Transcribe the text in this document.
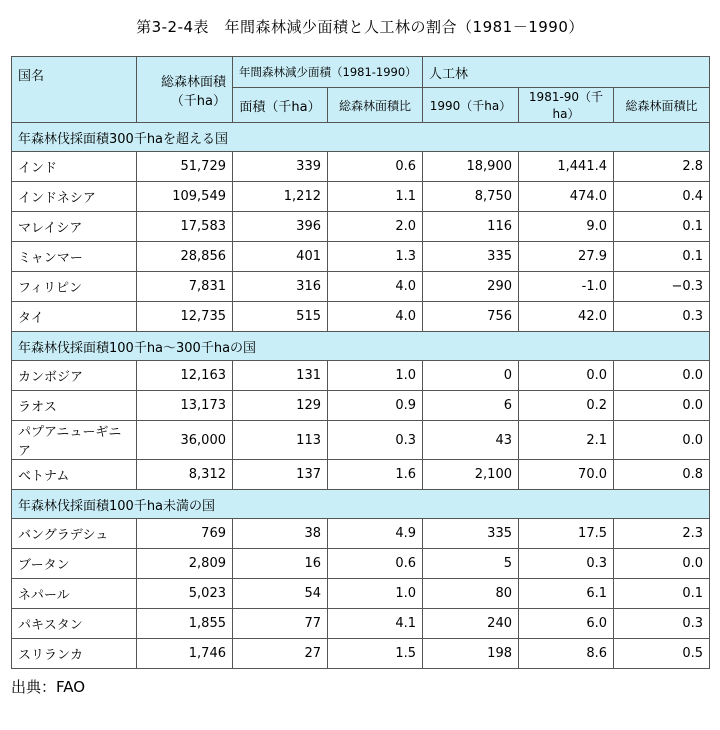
第3-2-4表　年間森林減少面積と人工林の割合（1981－1990）
国名	総森林面積
（千ha）	年間森林減少面積（1981-1990）		人工林		
		面積（千ha）	総森林面積比	1990（千ha）	1981-90（千ha）	総森林面積比
年森林伐採面積300千haを超える国						
インド	51,729	339	0.6	18,900	1,441.4	2.8
インドネシア	109,549	1,212	1.1	8,750	474.0	0.4
マレイシア	17,583	396	2.0	116	9.0	0.1
ミャンマー	28,856	401	1.3	335	27.9	0.1
フィリピン	7,831	316	4.0	290	-1.0	−0.3
タイ	12,735	515	4.0	756	42.0	0.3
年森林伐採面積100千ha～300千haの国						
カンボジア	12,163	131	1.0	0	0.0	0.0
ラオス	13,173	129	0.9	6	0.2	0.0
パプアニューギニア	36,000	113	0.3	43	2.1	0.0
ベトナム	8,312	137	1.6	2,100	70.0	0.8
年森林伐採面積100千ha未満の国						
バングラデシュ	769	38	4.9	335	17.5	2.3
ブータン	2,809	16	0.6	5	0.3	0.0
ネパール	5,023	54	1.0	80	6.1	0.1
パキスタン	1,855	77	4.1	240	6.0	0.3
スリランカ	1,746	27	1.5	198	8.6	0.5
出典：FAO
